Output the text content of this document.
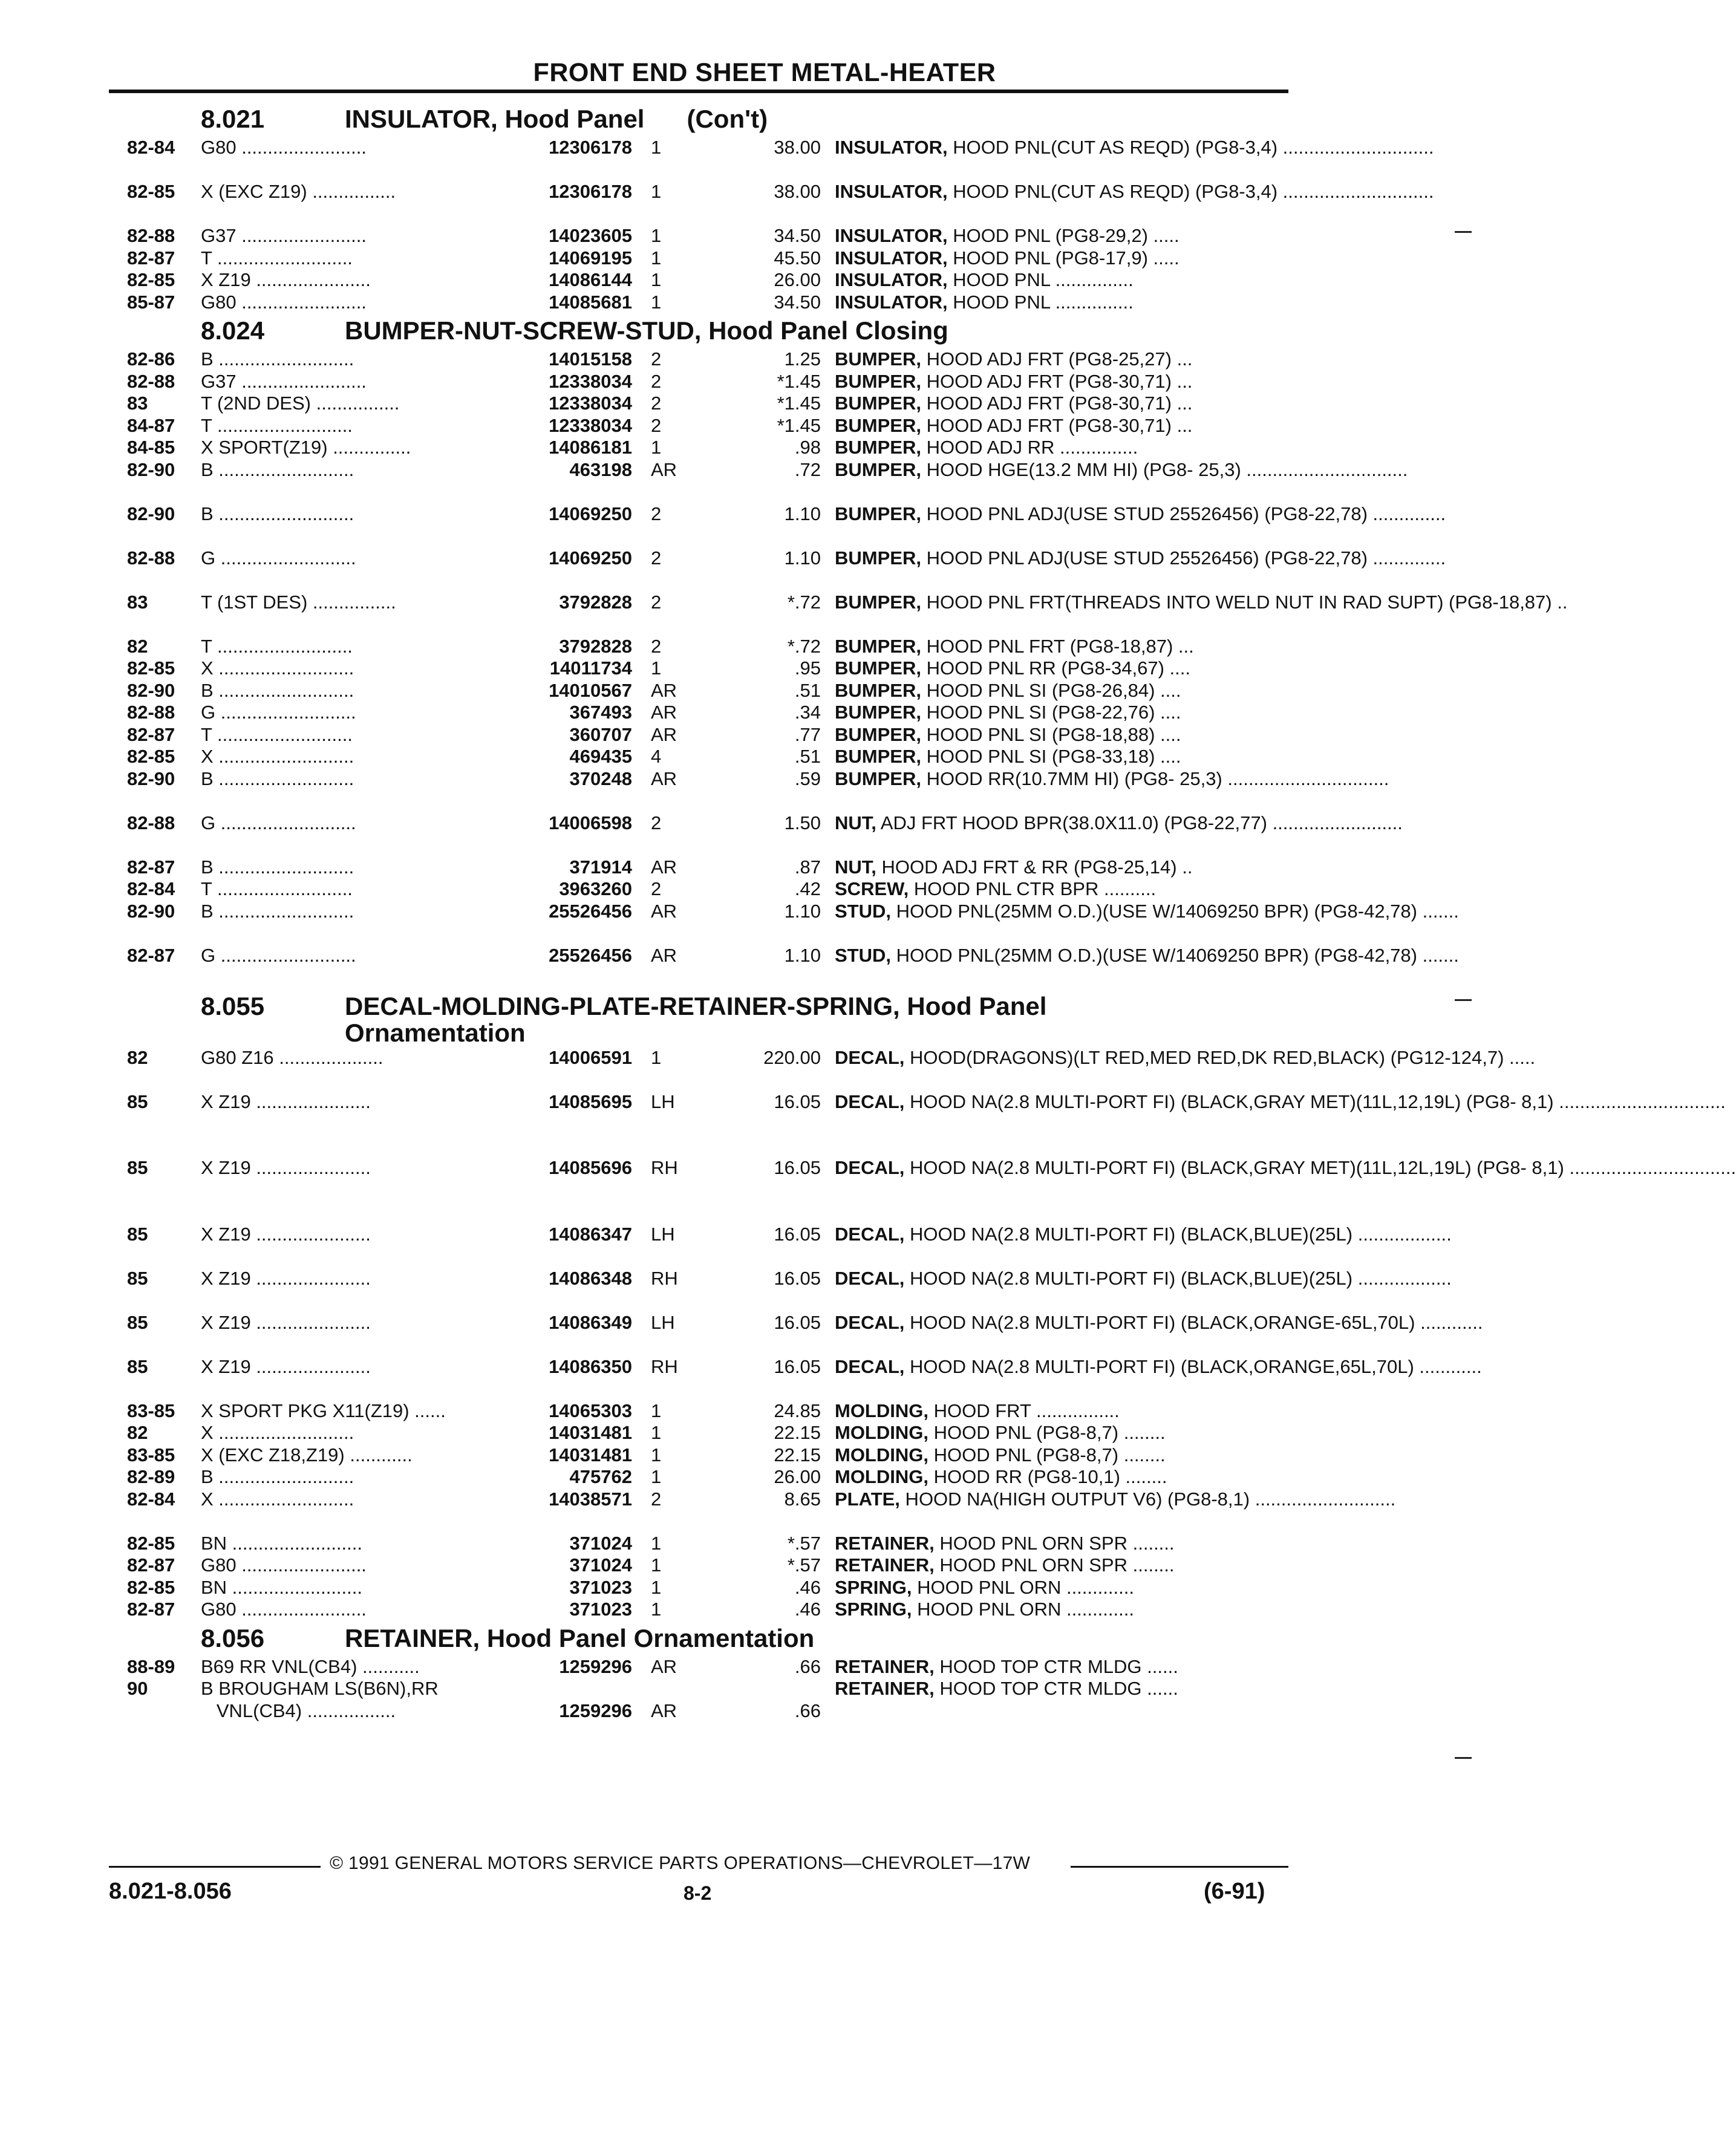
FRONT END SHEET METAL-HEATER
8.021	INSULATOR, Hood Panel      (Con't)
82-84 G80 ........................	12306178 1	38.00 INSULATOR, HOOD PNL(CUT AS REQD) (PG8-3,4) .............................
82-85 X (EXC Z19) ................	12306178 1	38.00 INSULATOR, HOOD PNL(CUT AS REQD) (PG8-3,4) .............................
82-88 G37 ........................	14023605 1	34.50 INSULATOR, HOOD PNL (PG8-29,2) .....
82-87 T ..........................	14069195 1	45.50 INSULATOR, HOOD PNL (PG8-17,9) .....
82-85 X Z19 ......................	14086144 1	26.00 INSULATOR, HOOD PNL ...............
85-87 G80 ........................	14085681 1	34.50 INSULATOR, HOOD PNL ...............
8.024	BUMPER-NUT-SCREW-STUD, Hood Panel Closing
82-86 B ..........................	14015158 2	1.25 BUMPER, HOOD ADJ FRT (PG8-25,27) ...
82-88 G37 ........................	12338034 2	*1.45 BUMPER, HOOD ADJ FRT (PG8-30,71) ...
83	T (2ND DES) ................	12338034 2	*1.45 BUMPER, HOOD ADJ FRT (PG8-30,71) ...
84-87 T ..........................	12338034 2	*1.45 BUMPER, HOOD ADJ FRT (PG8-30,71) ...
84-85 X SPORT(Z19) ...............	14086181 1	.98 BUMPER, HOOD ADJ RR ...............
82-90 B ..........................	463198 AR	.72 BUMPER, HOOD HGE(13.2 MM HI) (PG8- 25,3) ...............................
82-90 B ..........................	14069250 2	1.10 BUMPER, HOOD PNL ADJ(USE STUD 25526456) (PG8-22,78) ..............
82-88 G ..........................	14069250 2	1.10 BUMPER, HOOD PNL ADJ(USE STUD 25526456) (PG8-22,78) ..............
83	T (1ST DES) ................	3792828 2	*.72 BUMPER, HOOD PNL FRT(THREADS INTO WELD NUT IN RAD SUPT) (PG8-18,87) ..
82	T ..........................	3792828 2	*.72 BUMPER, HOOD PNL FRT (PG8-18,87) ...
82-85 X ..........................	14011734 1	.95 BUMPER, HOOD PNL RR (PG8-34,67) ....
82-90 B ..........................	14010567 AR	.51 BUMPER, HOOD PNL SI (PG8-26,84) ....
82-88 G ..........................	367493 AR	.34 BUMPER, HOOD PNL SI (PG8-22,76) ....
82-87 T ..........................	360707 AR	.77 BUMPER, HOOD PNL SI (PG8-18,88) ....
82-85 X ..........................	469435 4	.51 BUMPER, HOOD PNL SI (PG8-33,18) ....
82-90 B ..........................	370248 AR	.59 BUMPER, HOOD RR(10.7MM HI) (PG8- 25,3) ...............................
82-88 G ..........................	14006598 2	1.50 NUT, ADJ FRT HOOD BPR(38.0X11.0) (PG8-22,77) .........................
82-87 B ..........................	371914 AR	.87 NUT, HOOD ADJ FRT & RR (PG8-25,14) ..
82-84 T ..........................	3963260 2	.42 SCREW, HOOD PNL CTR BPR ..........
82-90 B ..........................	25526456 AR	1.10 STUD, HOOD PNL(25MM O.D.)(USE W/14069250 BPR) (PG8-42,78) .......
82-87 G ..........................	25526456 AR	1.10 STUD, HOOD PNL(25MM O.D.)(USE W/14069250 BPR) (PG8-42,78) .......
8.055	DECAL-MOLDING-PLATE-RETAINER-SPRING, Hood Panel Ornamentation
82	G80 Z16 ....................	14006591 1	220.00 DECAL, HOOD(DRAGONS)(LT RED,MED RED,DK RED,BLACK) (PG12-124,7) .....
85	X Z19 ......................	14085695 LH	16.05 DECAL, HOOD NA(2.8 MULTI-PORT FI) (BLACK,GRAY MET)(11L,12,19L) (PG8- 8,1) ................................
85	X Z19 ......................	14085696 RH	16.05 DECAL, HOOD NA(2.8 MULTI-PORT FI) (BLACK,GRAY MET)(11L,12L,19L) (PG8- 8,1) ................................
85	X Z19 ......................	14086347 LH	16.05 DECAL, HOOD NA(2.8 MULTI-PORT FI) (BLACK,BLUE)(25L) ..................
85	X Z19 ......................	14086348 RH	16.05 DECAL, HOOD NA(2.8 MULTI-PORT FI) (BLACK,BLUE)(25L) ..................
85	X Z19 ......................	14086349 LH	16.05 DECAL, HOOD NA(2.8 MULTI-PORT FI) (BLACK,ORANGE-65L,70L) ............
85	X Z19 ......................	14086350 RH	16.05 DECAL, HOOD NA(2.8 MULTI-PORT FI) (BLACK,ORANGE,65L,70L) ............
83-85 X SPORT PKG X11(Z19) ......	14065303 1	24.85 MOLDING, HOOD FRT ................
82	X ..........................	14031481 1	22.15 MOLDING, HOOD PNL (PG8-8,7) ........
83-85 X (EXC Z18,Z19) ............	14031481 1	22.15 MOLDING, HOOD PNL (PG8-8,7) ........
82-89 B ..........................	475762 1	26.00 MOLDING, HOOD RR (PG8-10,1) ........
82-84 X ..........................	14038571 2	8.65 PLATE, HOOD NA(HIGH OUTPUT V6) (PG8-8,1) ...........................
82-85 BN .........................	371024 1	*.57 RETAINER, HOOD PNL ORN SPR ........
82-87 G80 ........................	371024 1	*.57 RETAINER, HOOD PNL ORN SPR ........
82-85 BN .........................	371023 1	.46 SPRING, HOOD PNL ORN .............
82-87 G80 ........................	371023 1	.46 SPRING, HOOD PNL ORN .............
8.056	RETAINER, Hood Panel Ornamentation
88-89 B69 RR VNL(CB4) ...........	1259296 AR	.66 RETAINER, HOOD TOP CTR MLDG ......
90	B BROUGHAM LS(B6N),RR
VNL(CB4) .................	1259296 AR	.66
RETAINER, HOOD TOP CTR MLDG ......
© 1991 GENERAL MOTORS SERVICE PARTS OPERATIONS—CHEVROLET—17W
8.021-8.056	8-2	(6-91)
